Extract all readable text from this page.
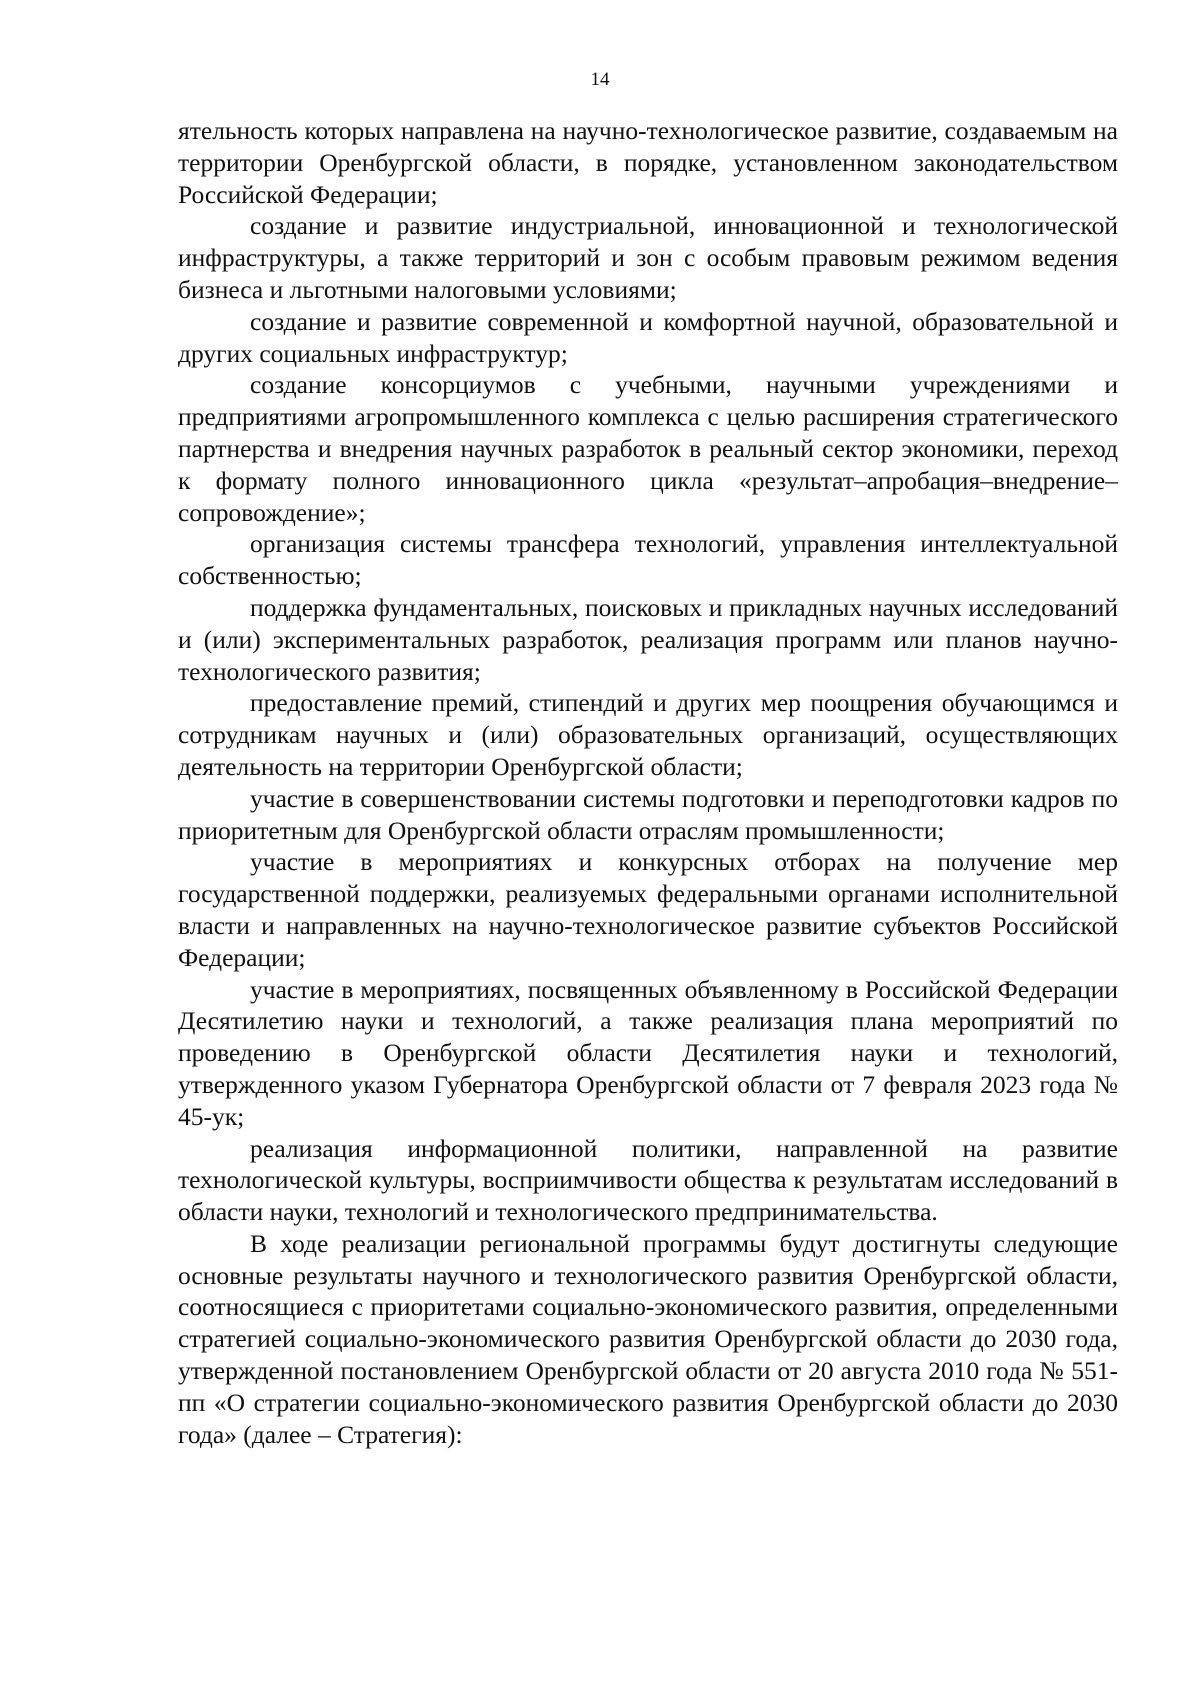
14

ятельность которых направлена на научно-технологическое развитие, создаваемым на территории Оренбургской области, в порядке, установленном законодательством Российской Федерации;

создание и развитие индустриальной, инновационной и технологической инфраструктуры, а также территорий и зон с особым правовым режимом ведения бизнеса и льготными налоговыми условиями;

создание и развитие современной и комфортной научной, образовательной и других социальных инфраструктур;

создание консорциумов с учебными, научными учреждениями и предприятиями агропромышленного комплекса с целью расширения стратегического партнерства и внедрения научных разработок в реальный сектор экономики, переход к формату полного инновационного цикла «результат–апробация–внедрение–сопровождение»;

организация системы трансфера технологий, управления интеллектуальной собственностью;

поддержка фундаментальных, поисковых и прикладных научных исследований и (или) экспериментальных разработок, реализация программ или планов научно-технологического развития;

предоставление премий, стипендий и других мер поощрения обучающимся и сотрудникам научных и (или) образовательных организаций, осуществляющих деятельность на территории Оренбургской области;

участие в совершенствовании системы подготовки и переподготовки кадров по приоритетным для Оренбургской области отраслям промышленности;

участие в мероприятиях и конкурсных отборах на получение мер государственной поддержки, реализуемых федеральными органами исполнительной власти и направленных на научно-технологическое развитие субъектов Российской Федерации;

участие в мероприятиях, посвященных объявленному в Российской Федерации Десятилетию науки и технологий, а также реализация плана мероприятий по проведению в Оренбургской области Десятилетия науки и технологий, утвержденного указом Губернатора Оренбургской области от 7 февраля 2023 года № 45-ук;

реализация информационной политики, направленной на развитие технологической культуры, восприимчивости общества к результатам исследований в области науки, технологий и технологического предпринимательства.

В ходе реализации региональной программы будут достигнуты следующие основные результаты научного и технологического развития Оренбургской области, соотносящиеся с приоритетами социально-экономического развития, определенными стратегией социально-экономического развития Оренбургской области до 2030 года, утвержденной постановлением Оренбургской области от 20 августа 2010 года № 551-пп «О стратегии социально-экономического развития Оренбургской области до 2030 года» (далее – Стратегия):
